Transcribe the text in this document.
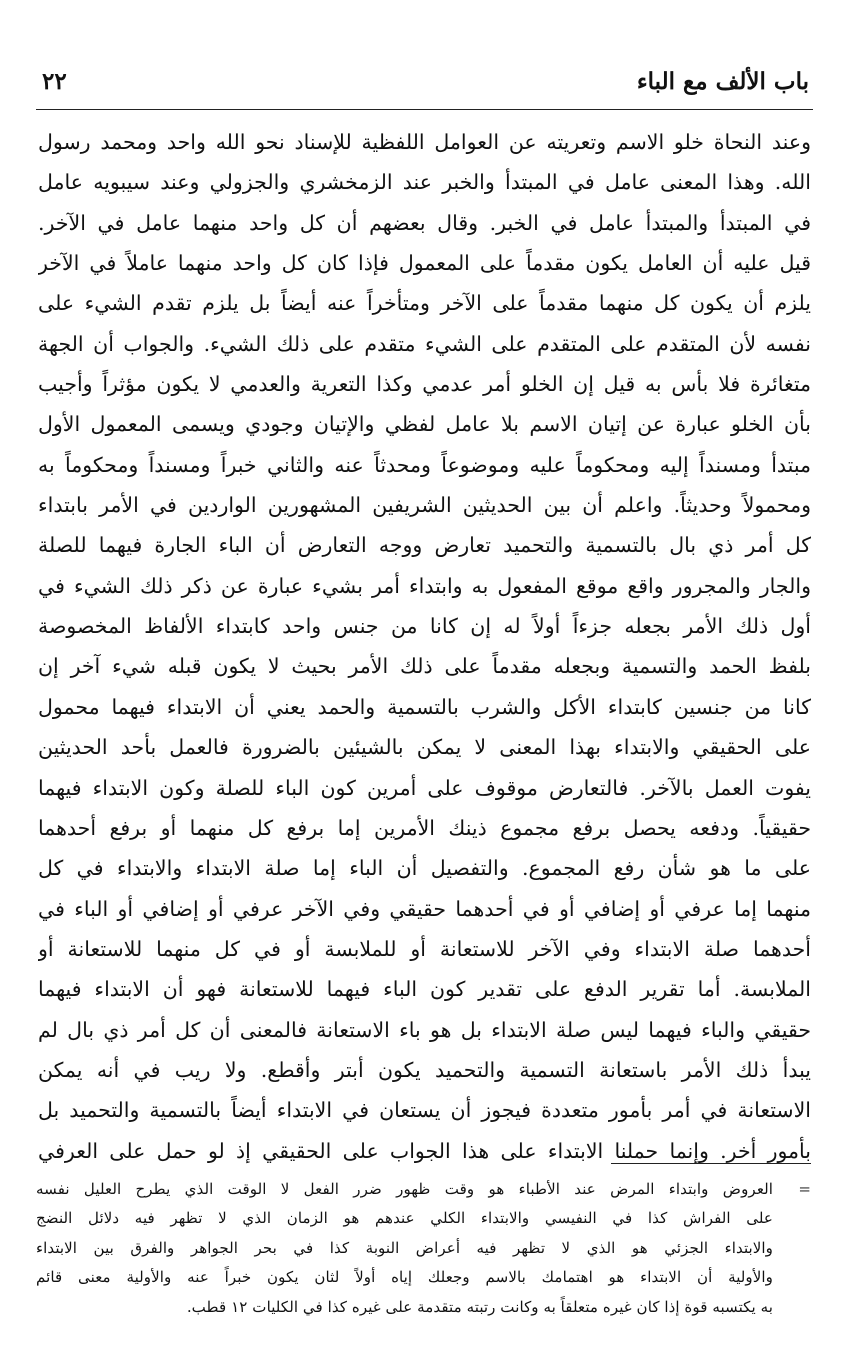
باب الألف مع الباء
٢٢
وعند النحاة خلو الاسم وتعريته عن العوامل اللفظية للإسناد نحو الله واحد ومحمد رسول
الله. وهذا المعنى عامل في المبتدأ والخبر عند الزمخشري والجزولي وعند سيبويه عامل
في المبتدأ والمبتدأ عامل في الخبر. وقال بعضهم أن كل واحد منهما عامل في الآخر.
قيل عليه أن العامل يكون مقدماً على المعمول فإذا كان كل واحد منهما عاملاً في الآخر
يلزم أن يكون كل منهما مقدماً على الآخر ومتأخراً عنه أيضاً بل يلزم تقدم الشيء على
نفسه لأن المتقدم على المتقدم على الشيء متقدم على ذلك الشيء. والجواب أن الجهة
متغائرة فلا بأس به قيل إن الخلو أمر عدمي وكذا التعرية والعدمي لا يكون مؤثراً وأجيب
بأن الخلو عبارة عن إتيان الاسم بلا عامل لفظي والإتيان وجودي ويسمى المعمول الأول
مبتدأ ومسنداً إليه ومحكوماً عليه وموضوعاً ومحدثاً عنه والثاني خبراً ومسنداً ومحكوماً به
ومحمولاً وحديثاً. واعلم أن بين الحديثين الشريفين المشهورين الواردين في الأمر بابتداء
كل أمر ذي بال بالتسمية والتحميد تعارض ووجه التعارض أن الباء الجارة فيهما للصلة
والجار والمجرور واقع موقع المفعول به وابتداء أمر بشيء عبارة عن ذكر ذلك الشيء في
أول ذلك الأمر بجعله جزءاً أولاً له إن كانا من جنس واحد كابتداء الألفاظ المخصوصة
بلفظ الحمد والتسمية وبجعله مقدماً على ذلك الأمر بحيث لا يكون قبله شيء آخر إن
كانا من جنسين كابتداء الأكل والشرب بالتسمية والحمد يعني أن الابتداء فيهما محمول
على الحقيقي والابتداء بهذا المعنى لا يمكن بالشيئين بالضرورة فالعمل بأحد الحديثين
يفوت العمل بالآخر. فالتعارض موقوف على أمرين كون الباء للصلة وكون الابتداء فيهما
حقيقياً. ودفعه يحصل برفع مجموع ذينك الأمرين إما برفع كل منهما أو برفع أحدهما
على ما هو شأن رفع المجموع. والتفصيل أن الباء إما صلة الابتداء والابتداء في كل
منهما إما عرفي أو إضافي أو في أحدهما حقيقي وفي الآخر عرفي أو إضافي أو الباء في
أحدهما صلة الابتداء وفي الآخر للاستعانة أو للملابسة أو في كل منهما للاستعانة أو
الملابسة. أما تقرير الدفع على تقدير كون الباء فيهما للاستعانة فهو أن الابتداء فيهما
حقيقي والباء فيهما ليس صلة الابتداء بل هو باء الاستعانة فالمعنى أن كل أمر ذي بال لم
يبدأ ذلك الأمر باستعانة التسمية والتحميد يكون أبتر وأقطع. ولا ريب في أنه يمكن
الاستعانة في أمر بأمور متعددة فيجوز أن يستعان في الابتداء أيضاً بالتسمية والتحميد بل
بأمور أخر. وإنما حملنا الابتداء على هذا الجواب على الحقيقي إذ لو حمل على العرفي
=
العروض وابتداء المرض عند الأطباء هو وقت ظهور ضرر الفعل لا الوقت الذي يطرح العليل نفسه
على الفراش كذا في النفيسي والابتداء الكلي عندهم هو الزمان الذي لا تظهر فيه دلائل النضج
والابتداء الجزئي هو الذي لا تظهر فيه أعراض النوبة كذا في بحر الجواهر والفرق بين الابتداء
والأولية أن الابتداء هو اهتمامك بالاسم وجعلك إياه أولاً لثان يكون خبراً عنه والأولية معنى قائم
به يكتسبه قوة إذا كان غيره متعلقاً به وكانت رتبته متقدمة على غيره كذا في الكليات ١٢ قطب.
